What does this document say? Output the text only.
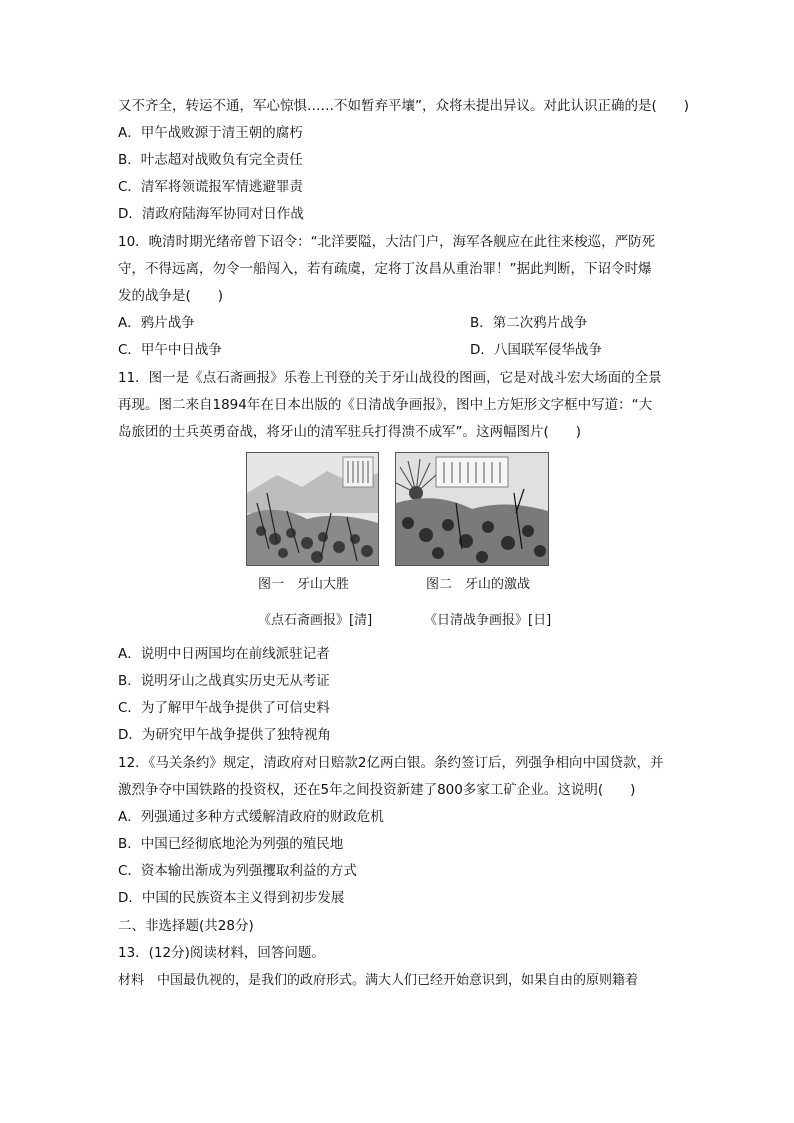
又不齐全，转运不通，军心惊惧……不如暂弃平壤”，众将未提出异议。对此认识正确的是(　　)
A．甲午战败源于清王朝的腐朽
B．叶志超对战败负有完全责任
C．清军将领谎报军情逃避罪责
D．清政府陆海军协同对日作战
10．晚清时期光绪帝曾下诏令：“北洋要隘，大沽门户，海军各舰应在此往来梭巡，严防死
守，不得远离，勿令一船闯入，若有疏虞，定将丁汝昌从重治罪！”据此判断，下诏令时爆
发的战争是(　　)
A．鸦片战争	B．第二次鸦片战争
C．甲午中日战争	D．八国联军侵华战争
11．图一是《点石斋画报》乐卷上刊登的关于牙山战役的图画，它是对战斗宏大场面的全景
再现。图二来自1894年在日本出版的《日清战争画报》，图中上方矩形文字框中写道：“大
岛旅团的士兵英勇奋战，将牙山的清军驻兵打得溃不成军”。这两幅图片(　　)
图一　牙山大胜	图二　牙山的激战
《点石斋画报》[清]	《日清战争画报》[日]
A．说明中日两国均在前线派驻记者
B．说明牙山之战真实历史无从考证
C．为了解甲午战争提供了可信史料
D．为研究甲午战争提供了独特视角
12．《马关条约》规定，清政府对日赔款2亿两白银。条约签订后，列强争相向中国贷款，并
激烈争夺中国铁路的投资权，还在5年之间投资新建了800多家工矿企业。这说明(　　)
A．列强通过多种方式缓解清政府的财政危机
B．中国已经彻底地沦为列强的殖民地
C．资本输出渐成为列强攫取利益的方式
D．中国的民族资本主义得到初步发展
二、非选择题(共28分)
13．(12分)阅读材料，回答问题。
材料　中国最仇视的，是我们的政府形式。满大人们已经开始意识到，如果自由的原则籍着
